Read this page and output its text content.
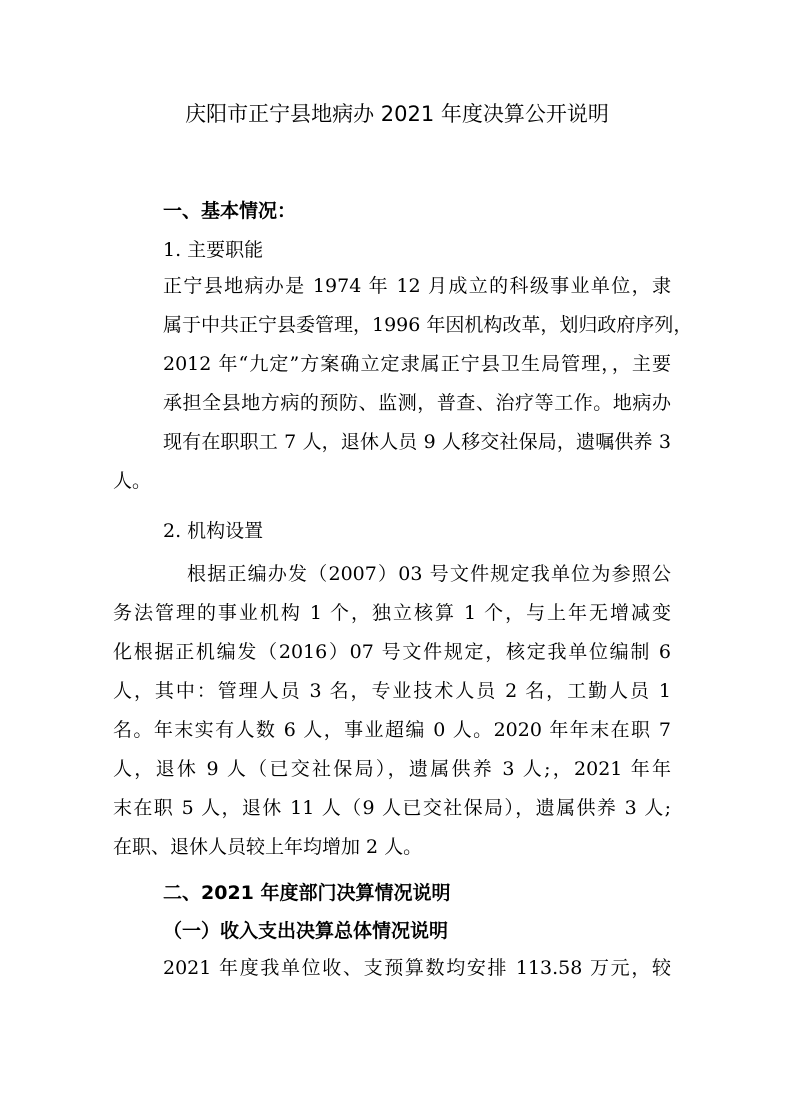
庆阳市正宁县地病办 2021 年度决算公开说明
一、基本情况：
1. 主要职能
正宁县地病办是 1974 年 12 月成立的科级事业单位，隶
属于中共正宁县委管理，1996 年因机构改革，划归政府序列，
2012 年“九定”方案确立定隶属正宁县卫生局管理，，主要
承担全县地方病的预防、监测，普查、治疗等工作。地病办
现有在职职工 7 人，退休人员 9 人移交社保局，遗嘱供养 3
人。
2. 机构设置
根据正编办发（2007）03 号文件规定我单位为参照公
务法管理的事业机构 1 个，独立核算 1 个，与上年无增减变
化根据正机编发（2016）07 号文件规定，核定我单位编制 6
人，其中：管理人员 3 名，专业技术人员 2 名，工勤人员 1
名。年末实有人数 6 人，事业超编 0 人。2020 年年末在职 7
人，退休 9 人（已交社保局），遗属供养 3 人;，2021 年年
末在职 5 人，退休 11 人（9 人已交社保局），遗属供养 3 人;
在职、退休人员较上年均增加 2 人。
二、2021 年度部门决算情况说明
（一）收入支出决算总体情况说明
2021 年度我单位收、支预算数均安排 113.58 万元，较
